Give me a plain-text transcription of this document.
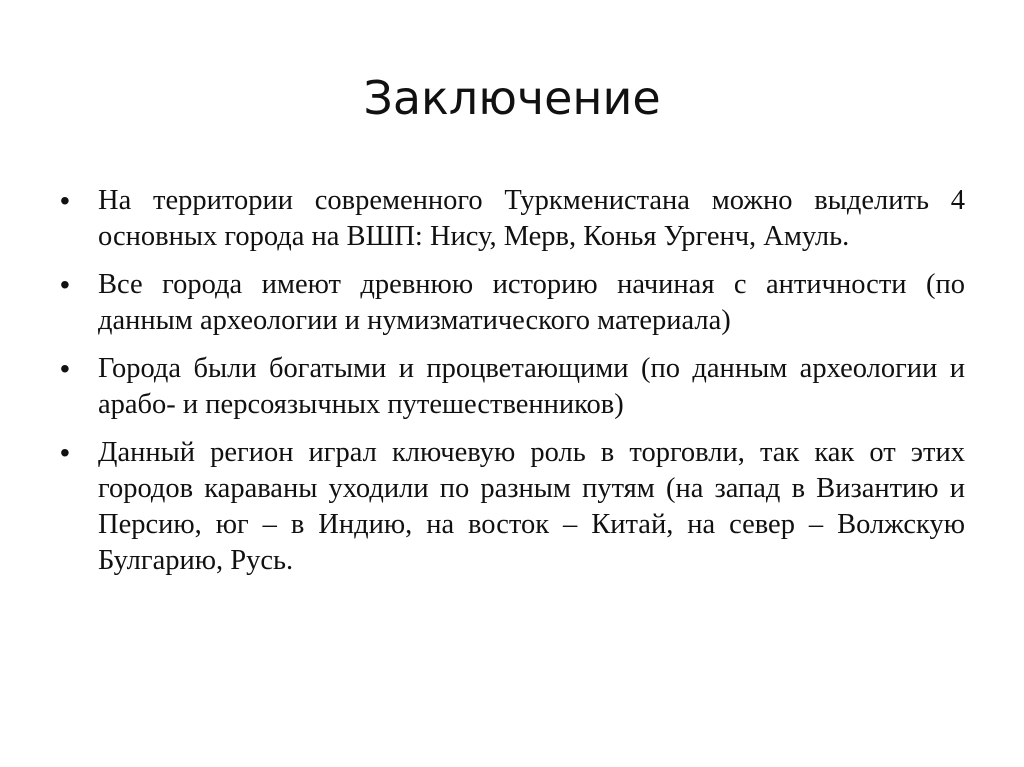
Заключение
• На территории современного Туркменистана можно выделить 4 основных города на ВШП: Нису, Мерв, Конья Ургенч, Амуль.
• Все города имеют древнюю историю начиная с античности (по данным археологии и нумизматического материала)
• Города были богатыми и процветающими (по данным археологии и арабо- и персоязычных путешественников)
• Данный регион играл ключевую роль в торговли, так как от этих городов караваны уходили по разным путям (на запад в Византию и Персию, юг – в Индию, на восток – Китай, на север – Волжскую Булгарию, Русь.
